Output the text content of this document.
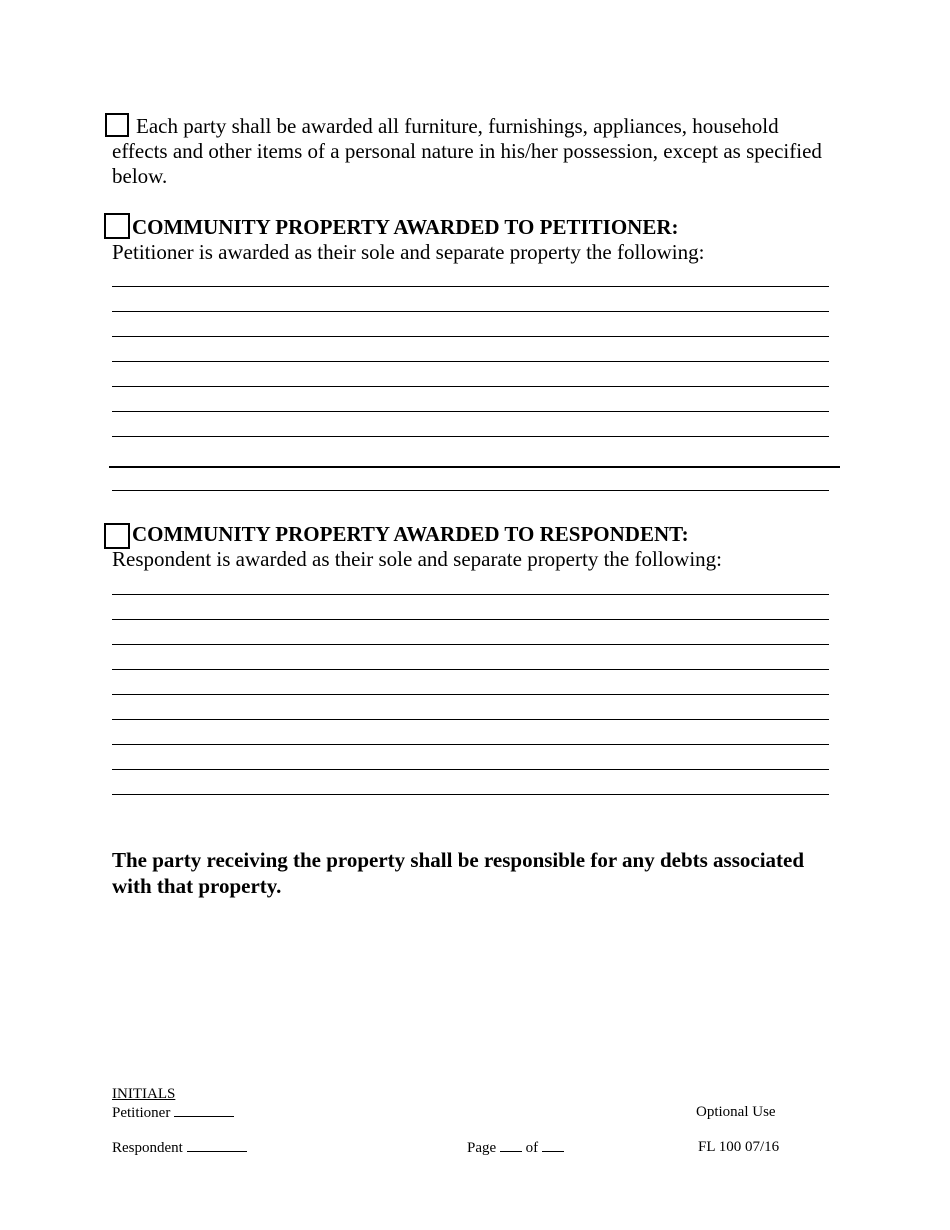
Each party shall be awarded all furniture, furnishings, appliances, household effects and other items of a personal nature in his/her possession, except as specified below.
COMMUNITY PROPERTY AWARDED TO PETITIONER:
Petitioner is awarded as their sole and separate property the following:
COMMUNITY PROPERTY AWARDED TO RESPONDENT:
Respondent is awarded as their sole and separate property the following:
The party receiving the property shall be responsible for any debts associated with that property.
INITIALS
Petitioner
Respondent	Page of
Optional Use
FL 100 07/16
